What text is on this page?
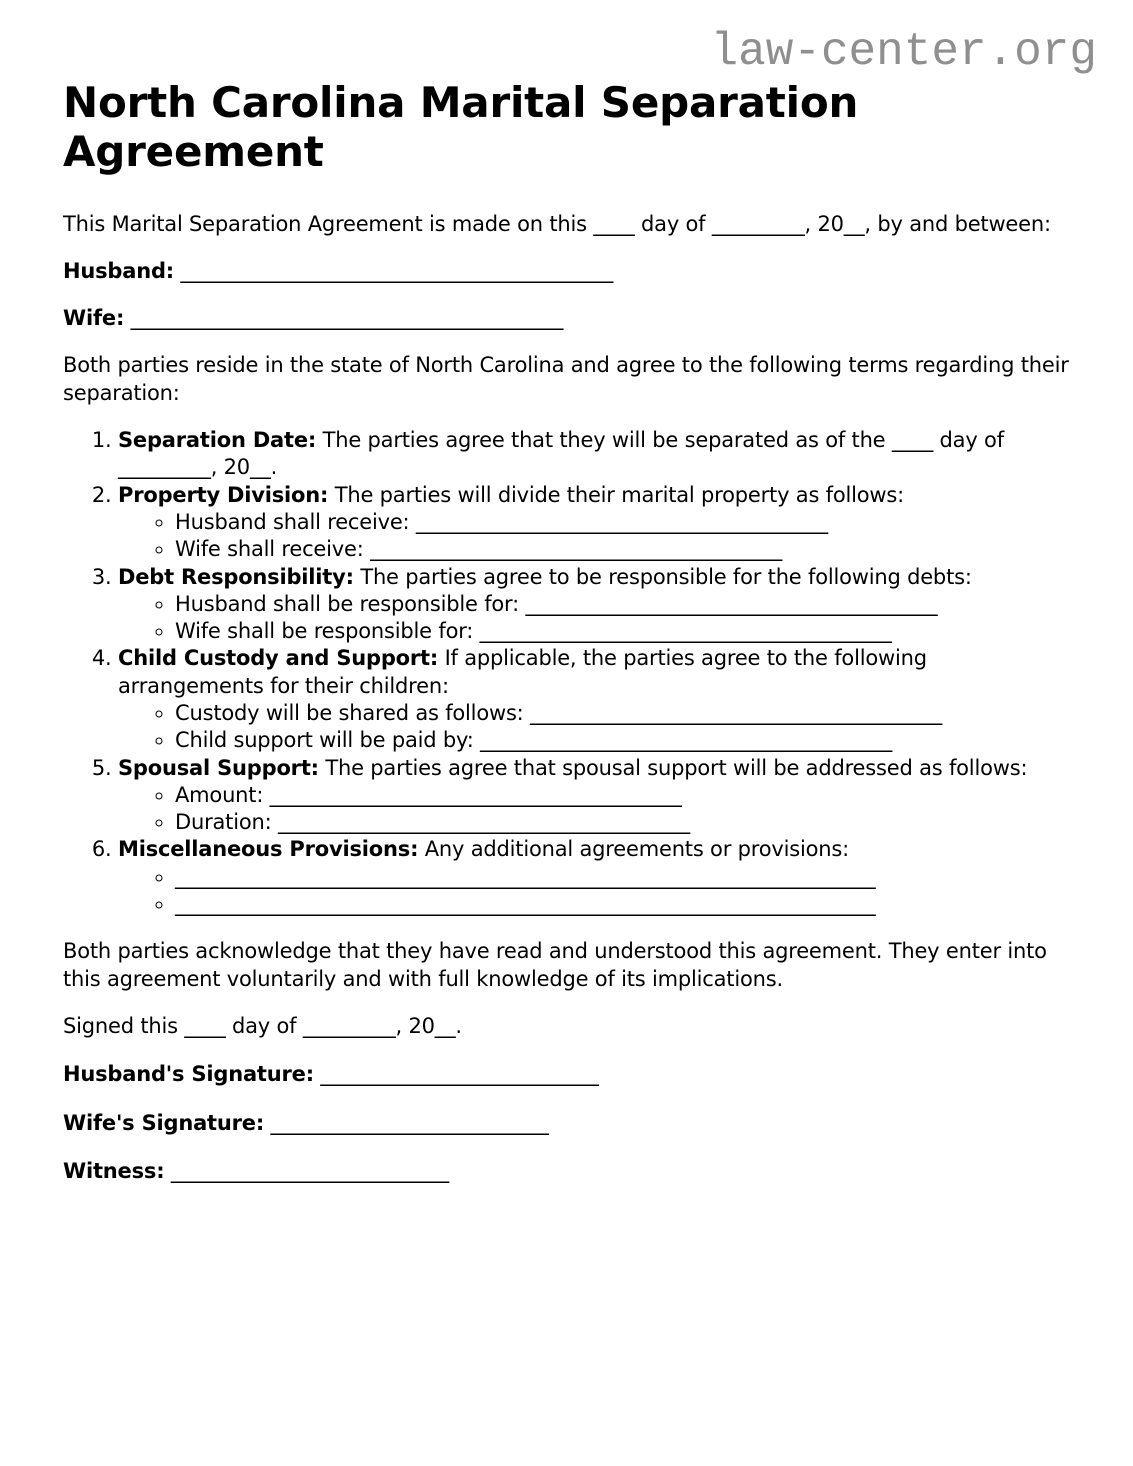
law-center.org
North Carolina Marital Separation Agreement

This Marital Separation Agreement is made on this ____ day of _________, 20__, by and between:

Husband: __________________________________________

Wife: __________________________________________

Both parties reside in the state of North Carolina and agree to the following terms regarding their separation:

1. Separation Date: The parties agree that they will be separated as of the ____ day of _________, 20__.
2. Property Division: The parties will divide their marital property as follows:
◦ Husband shall receive: ________________________________________
◦ Wife shall receive: ________________________________________
3. Debt Responsibility: The parties agree to be responsible for the following debts:
◦ Husband shall be responsible for: ________________________________________
◦ Wife shall be responsible for: ________________________________________
4. Child Custody and Support: If applicable, the parties agree to the following arrangements for their children:
◦ Custody will be shared as follows: ________________________________________
◦ Child support will be paid by: ________________________________________
5. Spousal Support: The parties agree that spousal support will be addressed as follows:
◦ Amount: ________________________________________
◦ Duration: ________________________________________
6. Miscellaneous Provisions: Any additional agreements or provisions:
◦ ____________________________________________________________________
◦ ____________________________________________________________________

Both parties acknowledge that they have read and understood this agreement. They enter into this agreement voluntarily and with full knowledge of its implications.

Signed this ____ day of _________, 20__.

Husband's Signature: ___________________________

Wife's Signature: ___________________________

Witness: ___________________________
